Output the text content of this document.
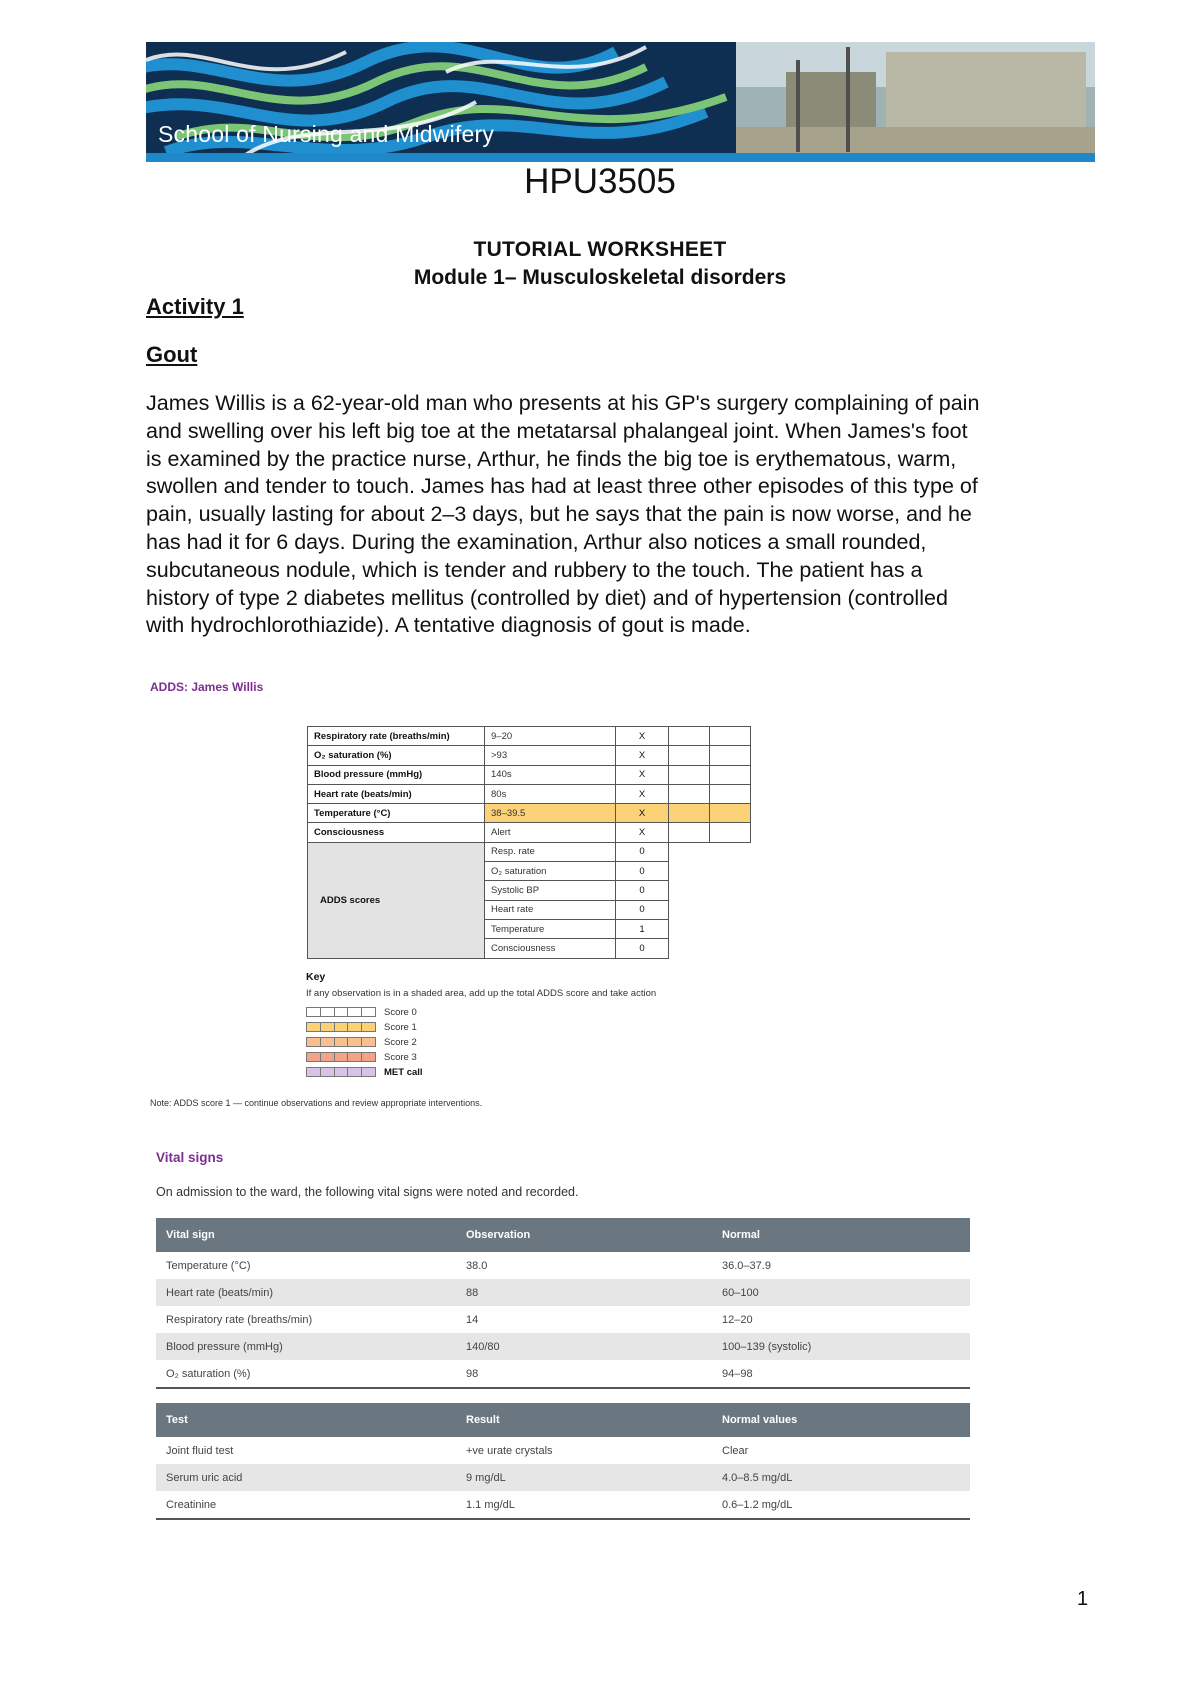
School of Nursing and Midwifery
HPU3505
TUTORIAL WORKSHEET
Module 1– Musculoskeletal disorders
Activity 1
Gout
James Willis is a 62-year-old man who presents at his GP's surgery complaining of pain
and swelling over his left big toe at the metatarsal phalangeal joint. When James's foot
is examined by the practice nurse, Arthur, he finds the big toe is erythematous, warm,
swollen and tender to touch. James has had at least three other episodes of this type of
pain, usually lasting for about 2–3 days, but he says that the pain is now worse, and he
has had it for 6 days. During the examination, Arthur also notices a small rounded,
subcutaneous nodule, which is tender and rubbery to the touch. The patient has a
history of type 2 diabetes mellitus (controlled by diet) and of hypertension (controlled
with hydrochlorothiazide). A tentative diagnosis of gout is made.
ADDS: James Willis
Respiratory rate (breaths/min)	9–20	X		
O₂ saturation (%)	>93	X		
Blood pressure (mmHg)	140s	X		
Heart rate (beats/min)	80s	X		
Temperature (°C)	38–39.5	X		
Consciousness	Alert	X		
ADDS scores	Resp. rate	0		
	O₂ saturation	0		
	Systolic BP	0		
	Heart rate	0		
	Temperature	1		
	Consciousness	0		
Key
If any observation is in a shaded area, add up the total ADDS score and take action
Score 0
Score 1
Score 2
Score 3
MET call
Note: ADDS score 1 — continue observations and review appropriate interventions.
Vital signs
On admission to the ward, the following vital signs were noted and recorded.
Vital sign	Observation	Normal
Temperature (°C)	38.0	36.0–37.9
Heart rate (beats/min)	88	60–100
Respiratory rate (breaths/min)	14	12–20
Blood pressure (mmHg)	140/80	100–139 (systolic)
O₂ saturation (%)	98	94–98
Test	Result	Normal values
Joint fluid test	+ve urate crystals	Clear
Serum uric acid	9 mg/dL	4.0–8.5 mg/dL
Creatinine	1.1 mg/dL	0.6–1.2 mg/dL
1
